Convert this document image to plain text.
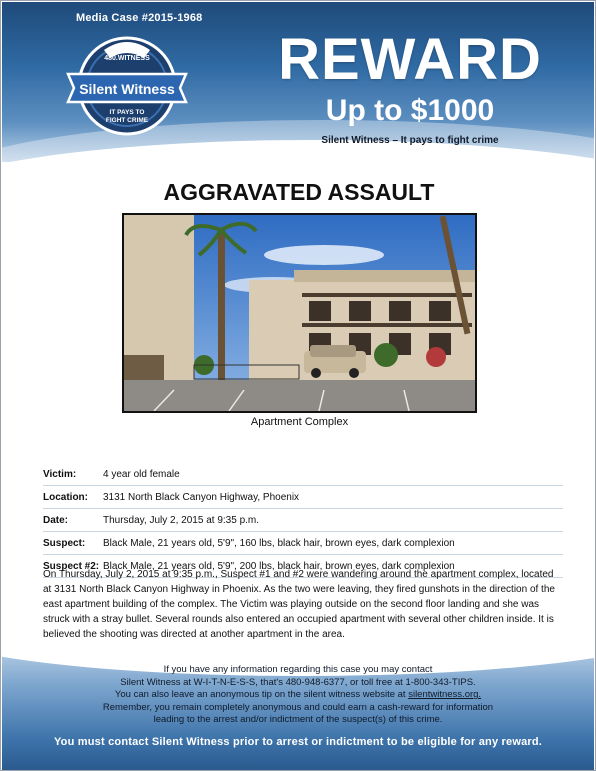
Media Case #2015-1968
480.WITNESS
Silent Witness
IT PAYS TO
FIGHT CRIME
REWARD
Up to $1000
Silent Witness – It pays to fight crime
AGGRAVATED ASSAULT
Apartment Complex
Victim:	4 year old female
Location:	3131 North Black Canyon Highway, Phoenix
Date:	Thursday, July 2, 2015 at 9:35 p.m.
Suspect:	Black Male, 21 years old, 5'9", 160 lbs, black hair, brown eyes, dark complexion
Suspect #2: Black Male, 21 years old, 5'9", 200 lbs, black hair, brown eyes, dark complexion
On Thursday, July 2, 2015 at 9:35 p.m., Suspect #1 and #2 were wandering around the apartment complex, located at 3131 North Black Canyon Highway in Phoenix. As the two were leaving, they fired gunshots in the direction of the east apartment building of the complex. The Victim was playing outside on the second floor landing and she was struck with a stray bullet. Several rounds also entered an occupied apartment with several other children inside. It is believed the shooting was directed at another apartment in the area.
If you have any information regarding this case you may contact
Silent Witness at W-I-T-N-E-S-S, that's 480-948-6377, or toll free at 1-800-343-TIPS.
You can also leave an anonymous tip on the silent witness website at silentwitness.org.
Remember, you remain completely anonymous and could earn a cash-reward for information
leading to the arrest and/or indictment of the suspect(s) of this crime.
You must contact Silent Witness prior to arrest or indictment to be eligible for any reward.
